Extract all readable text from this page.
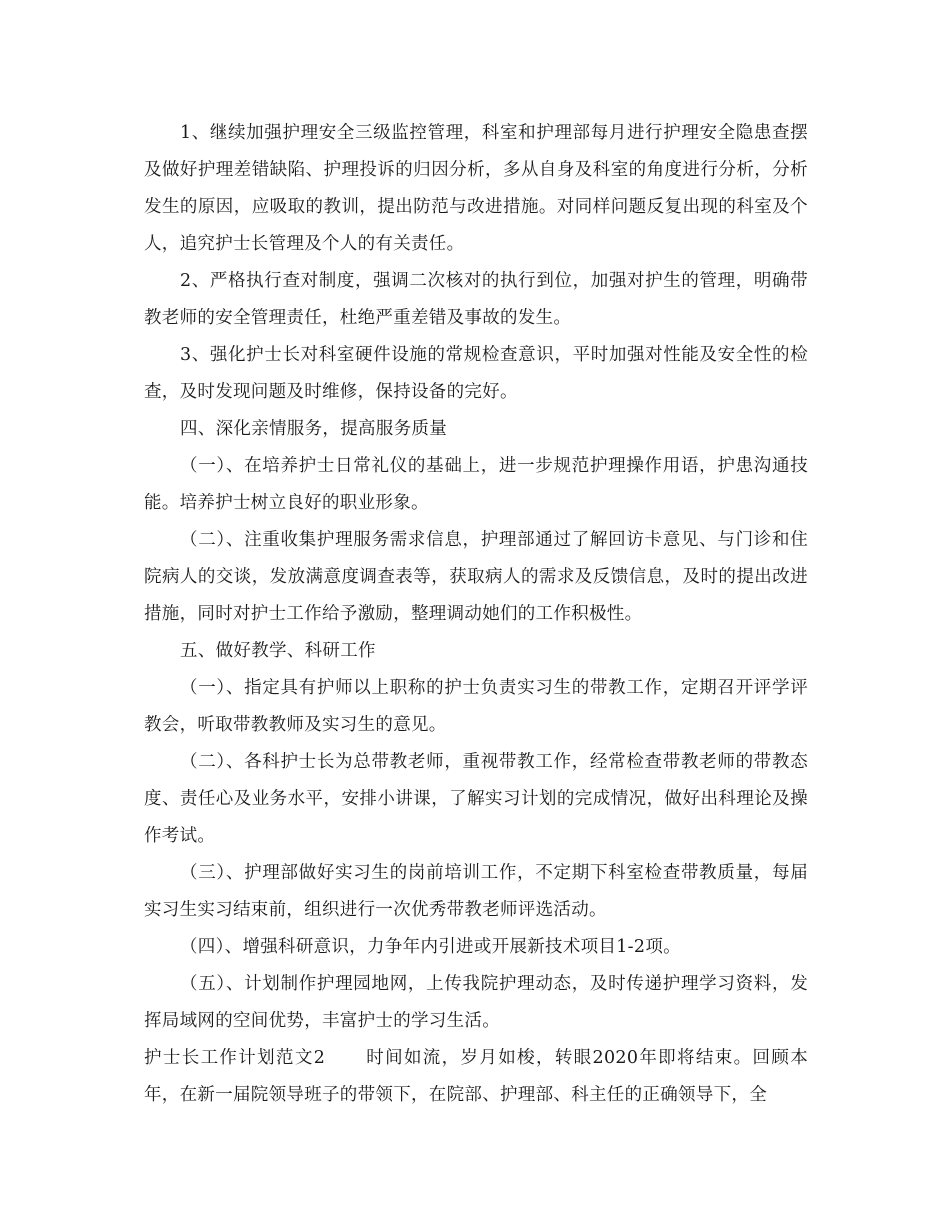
1、继续加强护理安全三级监控管理，科室和护理部每月进行护理安全隐患查摆及做好护理差错缺陷、护理投诉的归因分析，多从自身及科室的角度进行分析，分析发生的原因，应吸取的教训，提出防范与改进措施。对同样问题反复出现的科室及个人，追究护士长管理及个人的有关责任。

2、严格执行查对制度，强调二次核对的执行到位，加强对护生的管理，明确带教老师的安全管理责任，杜绝严重差错及事故的发生。

3、强化护士长对科室硬件设施的常规检查意识，平时加强对性能及安全性的检查，及时发现问题及时维修，保持设备的完好。

四、深化亲情服务，提高服务质量

（一）、在培养护士日常礼仪的基础上，进一步规范护理操作用语，护患沟通技能。培养护士树立良好的职业形象。

（二）、注重收集护理服务需求信息，护理部通过了解回访卡意见、与门诊和住院病人的交谈，发放满意度调查表等，获取病人的需求及反馈信息，及时的提出改进措施，同时对护士工作给予激励，整理调动她们的工作积极性。

五、做好教学、科研工作

（一）、指定具有护师以上职称的护士负责实习生的带教工作，定期召开评学评教会，听取带教教师及实习生的意见。

（二）、各科护士长为总带教老师，重视带教工作，经常检查带教老师的带教态度、责任心及业务水平，安排小讲课，了解实习计划的完成情况，做好出科理论及操作考试。

（三）、护理部做好实习生的岗前培训工作，不定期下科室检查带教质量，每届实习生实习结束前，组织进行一次优秀带教老师评选活动。

（四）、增强科研意识，力争年内引进或开展新技术项目1-2项。

（五）、计划制作护理园地网，上传我院护理动态，及时传递护理学习资料，发挥局域网的空间优势，丰富护士的学习生活。

护士长工作计划范文2 时间如流，岁月如梭，转眼2020年即将结束。回顾本年，在新一届院领导班子的带领下，在院部、护理部、科主任的正确领导下，全
